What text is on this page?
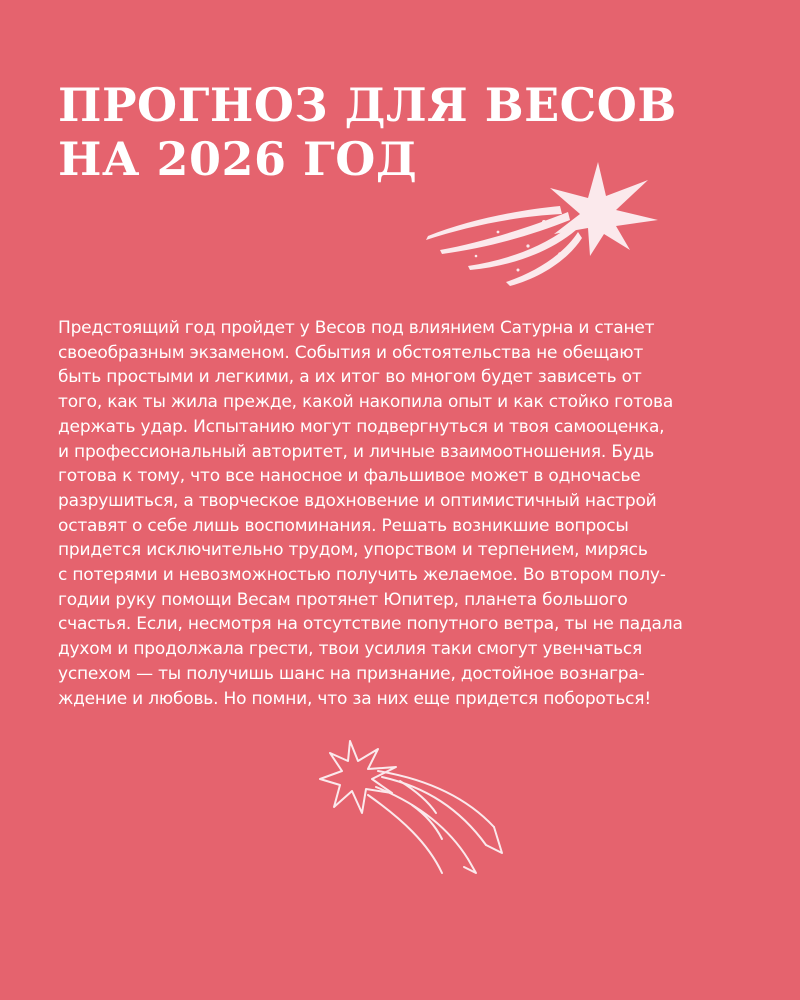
ПРОГНОЗ ДЛЯ ВЕСОВ
НА 2026 ГОД

Предстоящий год пройдет у Весов под влиянием Сатурна и станет
своеобразным экзаменом. События и обстоятельства не обещают
быть простыми и легкими, а их итог во многом будет зависеть от
того, как ты жила прежде, какой накопила опыт и как стойко готова
держать удар. Испытанию могут подвергнуться и твоя самооценка,
и профессиональный авторитет, и личные взаимоотношения. Будь
готова к тому, что все наносное и фальшивое может в одночасье
разрушиться, а творческое вдохновение и оптимистичный настрой
оставят о себе лишь воспоминания. Решать возникшие вопросы
придется исключительно трудом, упорством и терпением, мирясь
с потерями и невозможностью получить желаемое. Во втором полу-
годии руку помощи Весам протянет Юпитер, планета большого
счастья. Если, несмотря на отсутствие попутного ветра, ты не падала
духом и продолжала грести, твои усилия таки смогут увенчаться
успехом — ты получишь шанс на признание, достойное вознагра-
ждение и любовь. Но помни, что за них еще придется побороться!
